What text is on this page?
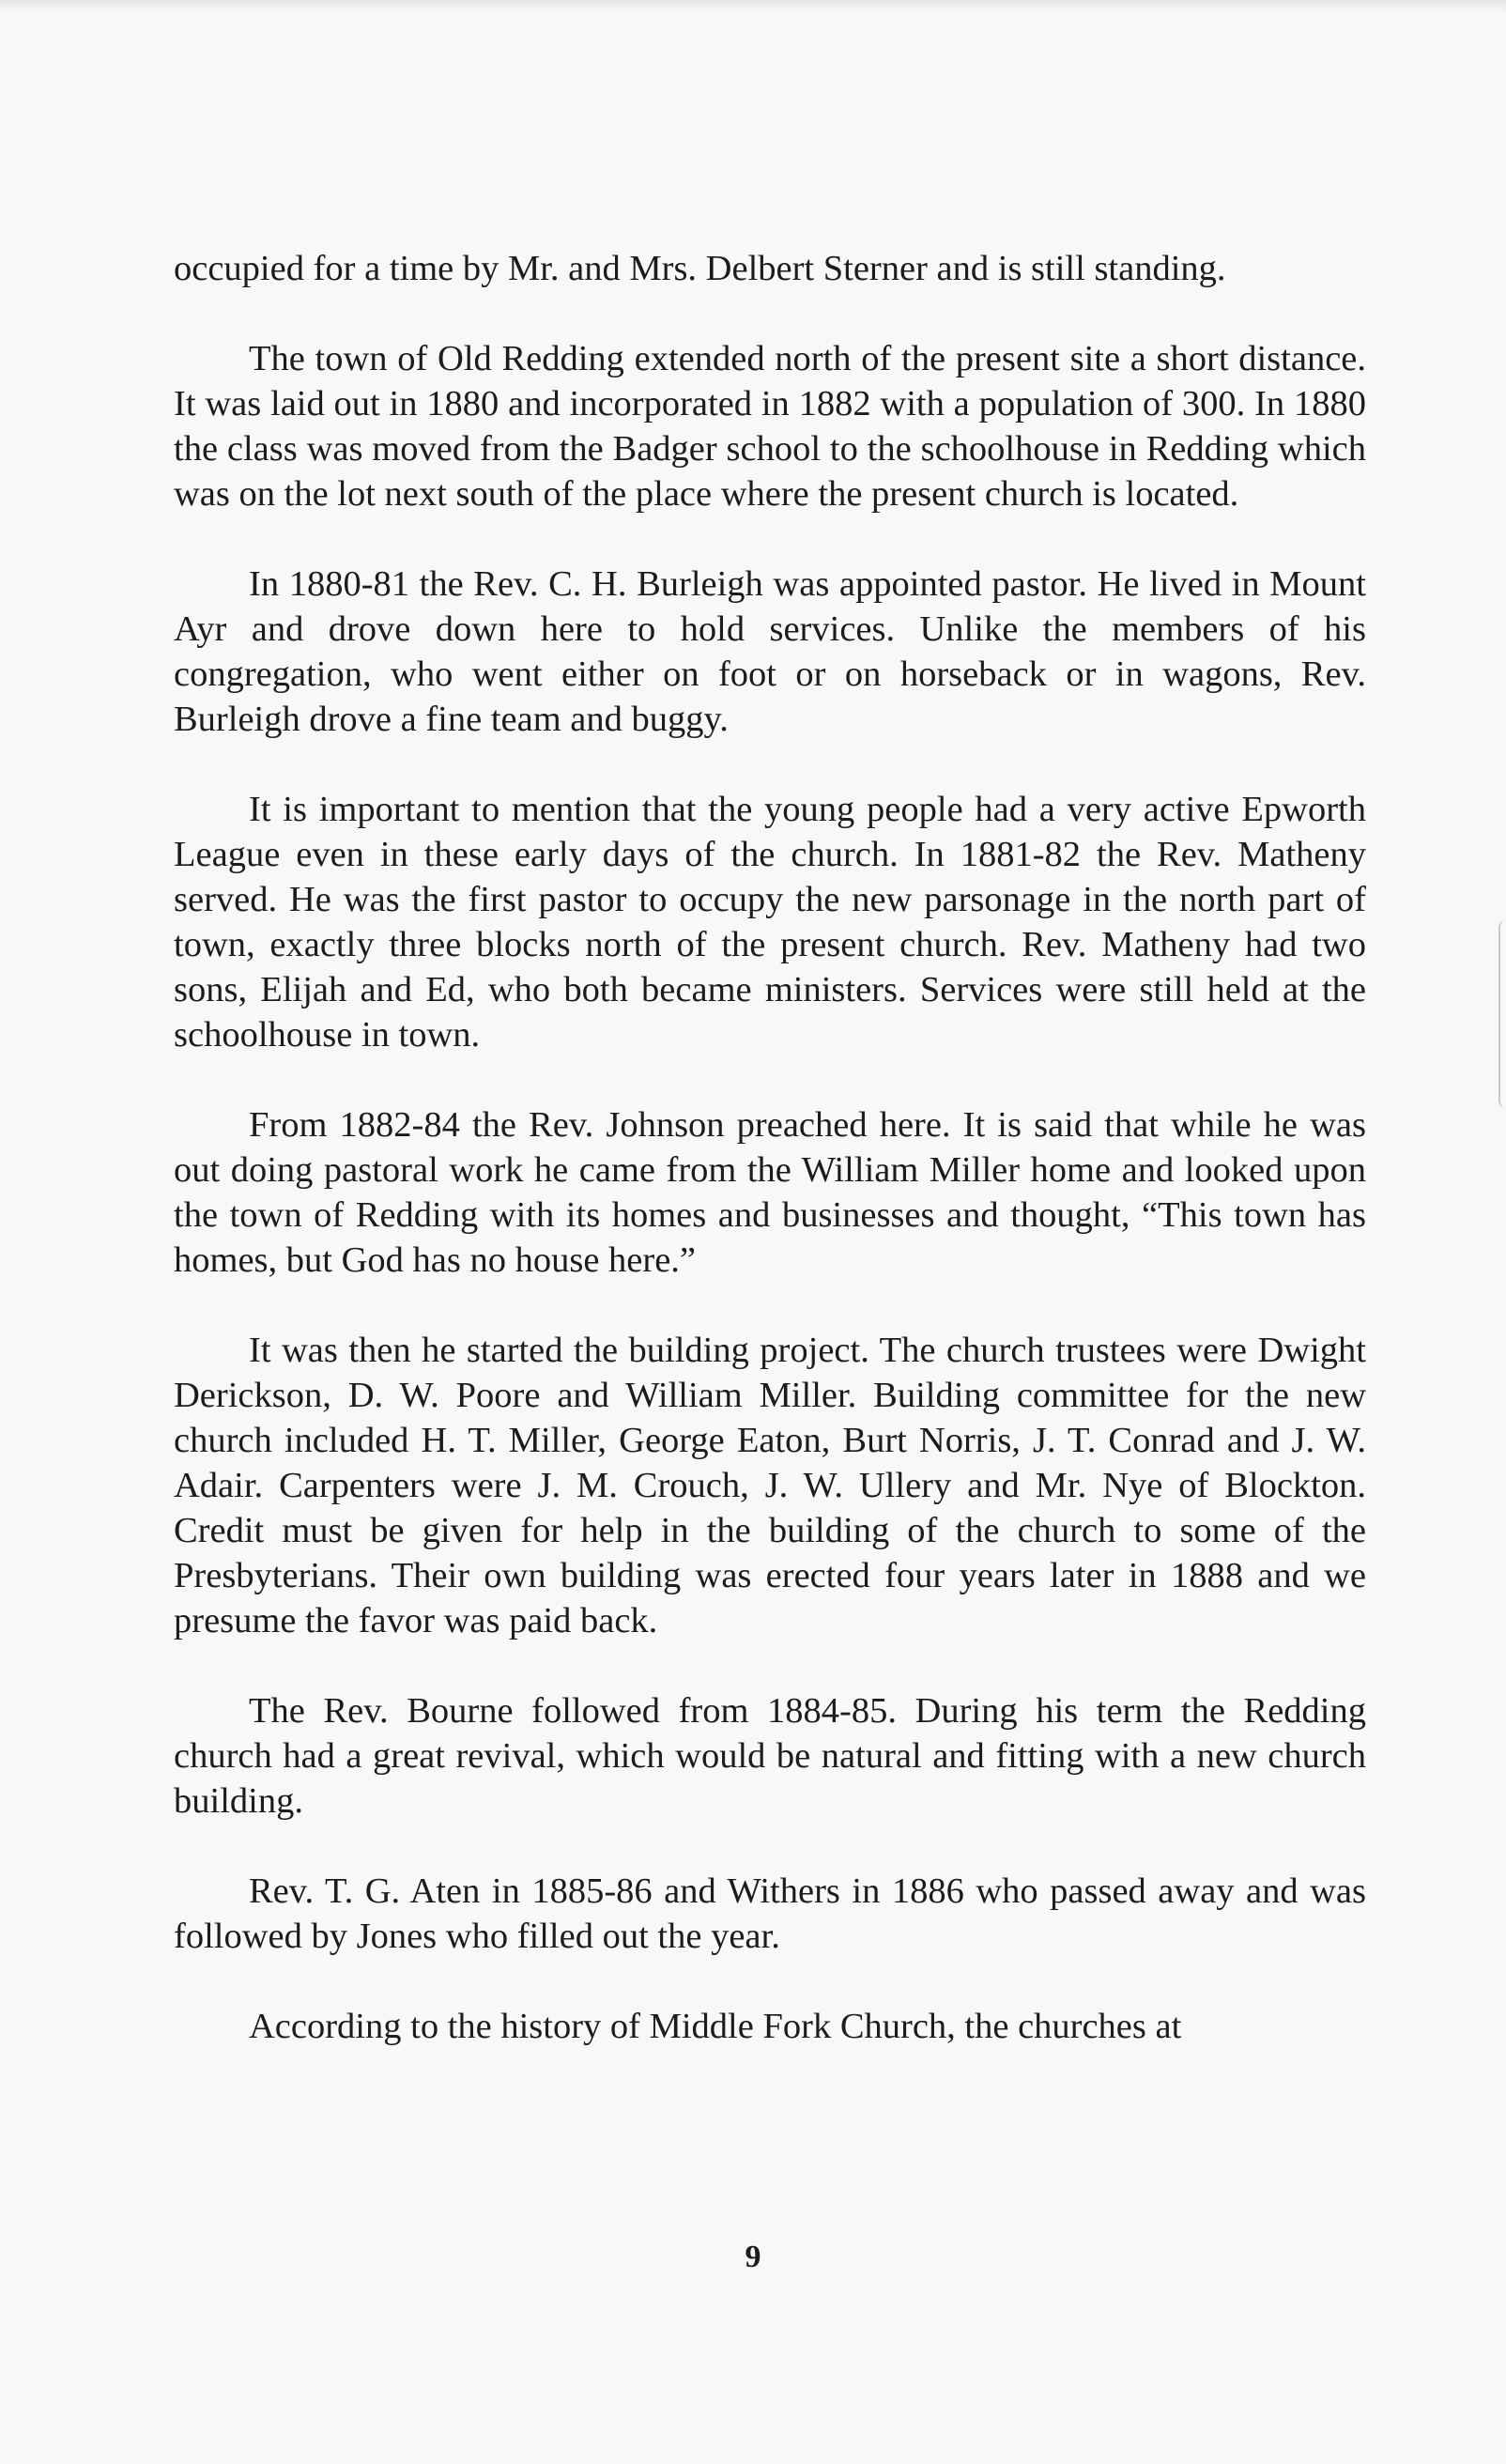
occupied for a time by Mr. and Mrs. Delbert Sterner and is still standing.

The town of Old Redding extended north of the present site a short distance. It was laid out in 1880 and incorporated in 1882 with a population of 300. In 1880 the class was moved from the Badger school to the schoolhouse in Redding which was on the lot next south of the place where the present church is located.

In 1880-81 the Rev. C. H. Burleigh was appointed pastor. He lived in Mount Ayr and drove down here to hold services. Unlike the members of his congregation, who went either on foot or on horseback or in wagons, Rev. Burleigh drove a fine team and buggy.

It is important to mention that the young people had a very active Epworth League even in these early days of the church. In 1881-82 the Rev. Matheny served. He was the first pastor to occupy the new parsonage in the north part of town, exactly three blocks north of the present church. Rev. Matheny had two sons, Elijah and Ed, who both became ministers. Services were still held at the schoolhouse in town.

From 1882-84 the Rev. Johnson preached here. It is said that while he was out doing pastoral work he came from the William Miller home and looked upon the town of Redding with its homes and businesses and thought, “This town has homes, but God has no house here.”

It was then he started the building project. The church trustees were Dwight Derickson, D. W. Poore and William Miller. Building committee for the new church included H. T. Miller, George Eaton, Burt Norris, J. T. Conrad and J. W. Adair. Carpenters were J. M. Crouch, J. W. Ullery and Mr. Nye of Blockton. Credit must be given for help in the building of the church to some of the Presbyterians. Their own building was erected four years later in 1888 and we presume the favor was paid back.

The Rev. Bourne followed from 1884-85. During his term the Redding church had a great revival, which would be natural and fitting with a new church building.

Rev. T. G. Aten in 1885-86 and Withers in 1886 who passed away and was followed by Jones who filled out the year.

According to the history of Middle Fork Church, the churches at

9
